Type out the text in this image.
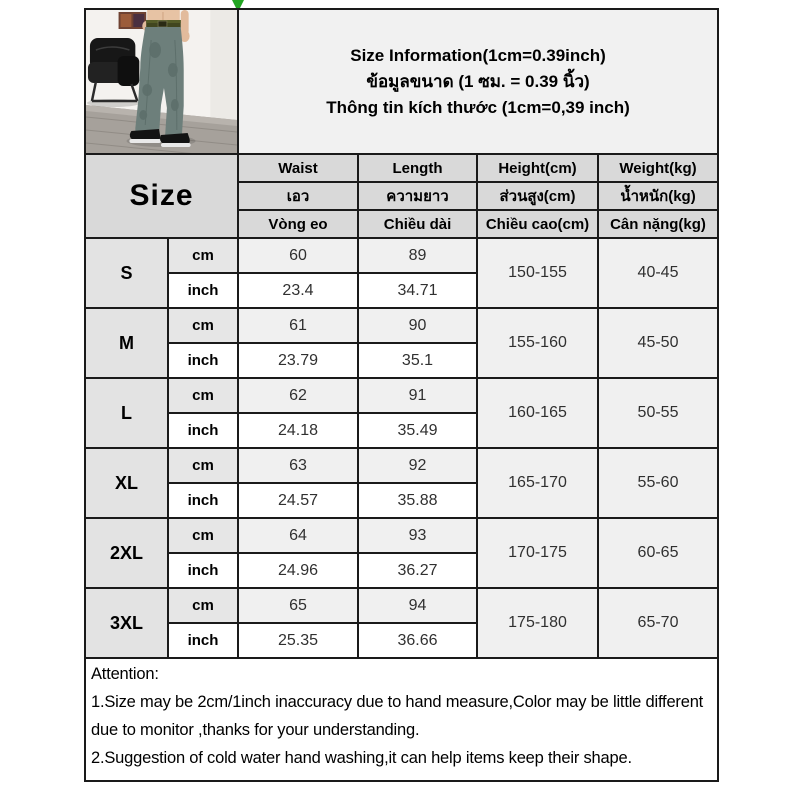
Size Information(1cm=0.39inch)
ข้อมูลขนาด (1 ซม. = 0.39 นิ้ว)
Thông tin kích thước (1cm=0,39 inch)			

Size		Waist	Length	Height(cm)	Weight(kg)
		เอว	ความยาว	ส่วนสูง(cm)	น้ำหนัก(kg)
		Vòng eo	Chiều dài	Chiều cao(cm)	Cân nặng(kg)
S	cm	60	89	150-155	40-45
	inch	23.4	34.71		
M	cm	61	90	155-160	45-50
	inch	23.79	35.1		
L	cm	62	91	160-165	50-55
	inch	24.18	35.49		
XL	cm	63	92	165-170	55-60
	inch	24.57	35.88		
2XL	cm	64	93	170-175	60-65
	inch	24.96	36.27		
3XL	cm	65	94	175-180	65-70
	inch	25.35	36.66		

Attention:
1.Size may be 2cm/1inch inaccuracy due to hand measure,Color may be little different due to monitor ,thanks for your understanding.
2.Suggestion of cold water hand washing,it can help items keep their shape.					
